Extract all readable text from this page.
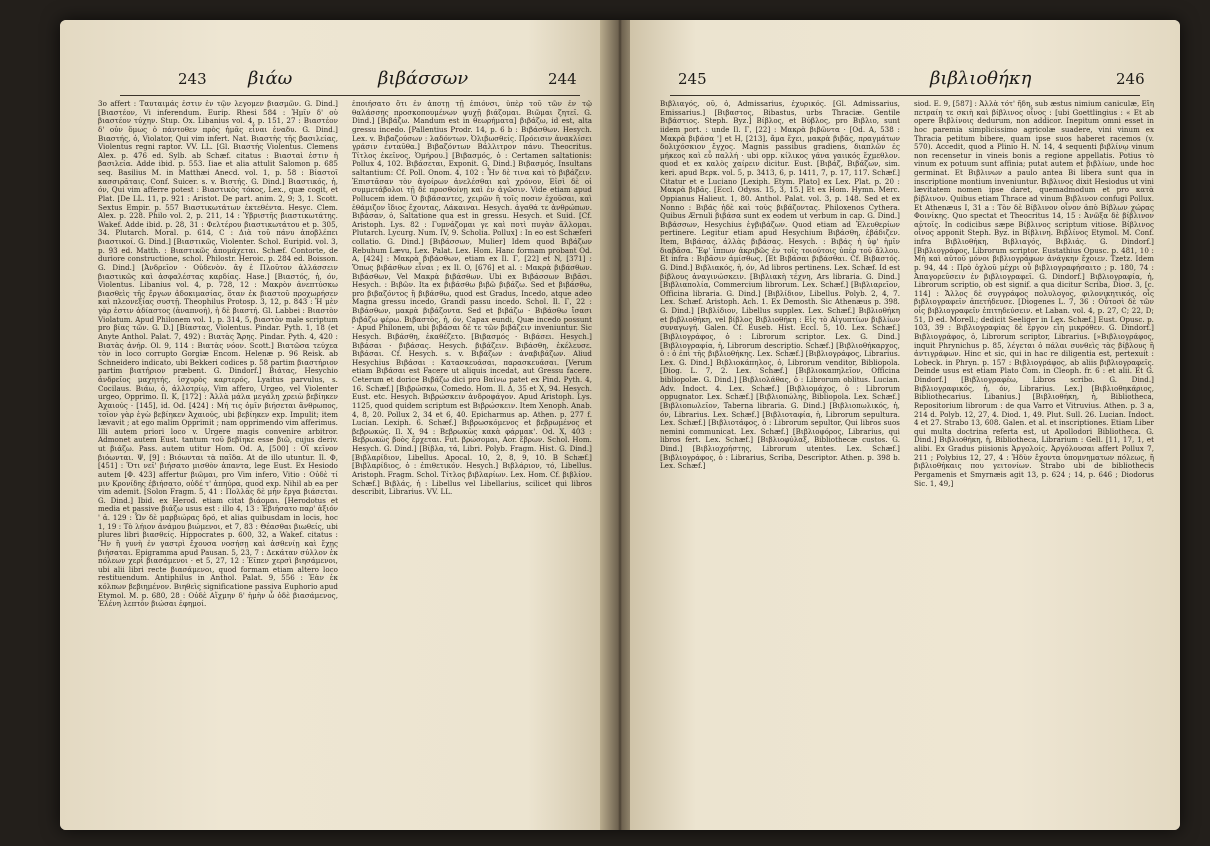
243 βιάω	βιβάσσων	244

3o affert : Ταυταιμάς ἐστιν ἐν τῷν λεγομεν βιασμῶν. G. Dind.] [Βιαστέον, Vi inferendum. Eurip. Rhesi 584 : Ἠμῖν δ' οὐ βιαστέον τύχην. Stup. Ox. Libanius vol. 4, p. 151, 27 : Βιαστέον δ' οὐν ὅμως ὁ πάντοθεν πρὸς ἡμᾶς εἶναι ἐναδυ. G. Dind.] Βιαστής, ὁ, Violator, Qui vim infert. Nat. Βιαστὴς τῆς βασιλείας, Violentus regni raptor. VV. LL. [Gl. Βιαστής Violentus. Clemens Alex. p. 476 ed. Sylb. ab Schæf. citatus : Βιασταὶ ἐστιν ἡ βασιλεία. Adde ibid. p. 553. Iiae et alia attulit Salomon p. 685 seq. Basilius M. in Matthæi Anecd. vol. 1, p. 58 : Βίαστοῖ κασσιρᾶταις. Conf. Suicer. s. v. Βιστής. G. Dind.] Βιαστικός, ἡ, όν, Qui vim afferre potest : Βιαστικὸς τόκος, Lex., quæ cogit, et Plat. [De LL. 11, p. 921 : Aristot. De part. anim. 2, 9; 3, 1. Scott. Sextus Empir. p. 557 Βιαστικωτάτων ἐκτεθέντα. Hesyc. Clem. Alex. p. 228. Philo vol. 2, p. 211, 14 : Ὑβριστῆς βιαστικωτάτης. Wakef. Adde ibid. p. 28, 31 : Φελτέρου βιαστικωτάτου et p. 305, 34. Plutarch. Moral. p. 614, C : Διὰ τοῦ πάνυ ἀποβλέπει βιαστικοί. G. Dind.] [Βιαστικῶς, Violenter. Schol. Euripid. vol. 3, p. 93 ed. Matth. : Βιαστικῶς ἀπομάχεται. Schæf. Contorte, de duriore constructione, schol. Philostr. Heroic. p. 284 ed. Boisson. G. Dind.] [Ἀνδρεῖον · Οὐδενὸν. ἄγ ἐ Πλοῦτον ἀλλάσσειν βιαστικῶς καὶ ἀσφαλέστας καρδίας. Hase.] [Βιαστός, ἡ, όν, Violentus. Libanius vol. 4, p. 728, 12 : Μακρὸν ἀνεπτύσκω βιασθεὶς τῆς ἔργων ἀδοκιμασίας, ὅταν ἐκ βιαστοῦ προχωρήσεν καὶ πλεονεξίας συστῇ. Theophilus Protosp. 3, 12, p. 843 : Ἡ μὲν γὰρ ἐστιν ἀδίαστος (ἀναπνοή), ἡ δὲ βιαστή. Gl. Labbei : Βιαστὸν Violatum. Apud Philonem vol. 1, p. 314, 5, βιαστὸν male scriptum pro βίας τῶν. G. D.] [Βίαστας, Violentus. Pindar. Pyth. 1, 18 (et Anyte Anthol. Palat. 7, 492) : Βιατὰς Ἄρης. Pindar. Pyth. 4, 420 : Βιατὰς ἀνήρ. Ol. 9, 114 : Βιατὰς νόον. Scott.] Bιατῶσα τεύχεα τὸν in loco corrupto Gorgiæ Encom. Helenæ p. 96 Reisk. ab Schneidero indicato, ubi Bekkeri codices p. 58 partim βιαστήριον partim βιατήριον præbent. G. Dindorf.] Βιάτας, Hesychio ἀνδρεῖος μαχητής, ἰσχυρὸς καρτερός, Lyaitus parvulus, s. Cocilaus. Βιάω, ὁ, ἀλλοτρίῳ, Vim affero, Urgeo, vel Violenter urgeo, Opprimo. Il. K, [172] : Ἀλλὰ μάλα μεγάλη χρειὼ βεβίηκεν Ἀχαιούς · [145], id. Od. [424] : Μή τις ὁμῖν βιήσεται ἄνθρωπος, τοῖον γὰρ ἐγὼ βεβίηκεν Ἀχαιούς, ubi βεβίηκεν exp. Impulit; item lævavit ; at ego malim Opprimit ; nam opprimendo vim afferimus. Illi autem priori loco v. Urgere magis convenire arbitror. Admonet autem Eust. tantum τοῦ βεβίηκε esse βιῶ, cujus deriv. ut βιάζω. Pass. autem utitur Hom. Od. A, [500] : Οἵ κεῖνον βιόωνται. Ψ, [9] : Βιόωνται τὰ παῖδα. At de illo utuntur. Il. Φ, [451] : Ὅτι νεῖ' βιήσατο μισθὸν ἀπαντα, lege Eust. Ex Hesiodo autem [Φ. 423] affertur βιῶμαι, pro Vim infero, Vitio : Οὐδὲ τί μιν Κρονίδης ἐβιήσατο, οὐδέ τ' ἀπηύρα, quod exp. Nihil ab ea per vim ademit. [Solon Fragm. 5, 41 : Πολλὰς δὲ μὴν ἔργα βιάσεται. G. Dind.] Ibid. ex Herod. etiam citat βιάομαι. [Herodotus et media et passive βιάζω usus est : illo 4, 13 : Ἐβιήσατο παρ' ἀξιόν ' ἀ. 129 : Ὧν δὲ μαρβιώρας δρό, et alias quibusdam in locis, hoc 1, 19 : Τὸ λήιον ἀνάμου βιώμενοι, et 7, 83 : Θέασθαι βιωθείς, ubi plures libri βιασθείς. Hippocrates p. 600, 32, a Wakef. citatus : Ἢν ἢ γυνὴ ἐν γαστρὶ ἔχουσα νοσήσῃ καὶ ἀσθενίῃ καὶ ἔχῃς βιήσαται. Epigramma apud Pausan. 5, 23, 7 : Δεκάταν σύλλον ἐκ πόλεων χερὶ βιασάμενοι · et 5, 27, 12 : Ἐῖπεν χερσὶ βιησάμενοι, ubi alii libri recte βιασάμενοι, quod formam etiam altero loco restituendum. Antiphilus in Anthol. Palat. 9, 556 : Ἐὰν ἐκ κόλπων βεβιημένον. Βιηθεὶς significatione passiva Euphorio apud Etymol. M. p. 680, 28 : Οὐδὲ Αἴχμην δ' ἡμὴν ὦ ὁδὲ βιασάμενος, Ἐλένη λεπτὸν βιώσαι ἐφημοί.

ἐποιήσατο ὅτι ἐν ἀποτῃ τῇ ἐπιόνσι, ὑπὲρ τοῦ τῶν ἐν τῷ θαλάσσης προσκοπουμένων ψυχῇ βιάζομαι. Βιῶμαι ζητεῖ. G. Dind.] [Βιβάζω. Mandum est in θεωρήματα] βιβάζω, id est, alta gressu incedo. [Pallentius Prodr. 14, p. 6 b : Βιβάσθων. Hesych. Lex. v. Βιβαζούσων : λαδόντων. Ὀλιβωσθείς. Πρόεισιν ἀνακλίσει γράσιν ἐνταῦθα.] Βιβαζόντων Βάλλιτρον πάνυ. Theocritus. Τίτλος ἐκεῖνος, Ὁμήρου.] [Βιβασμός, ὁ : Certamen saltationis: Pollux 4, 102. Βιβάσεται, Exponit. G. Dind.] Βιβασμός, Insultans saltantium: Cf. Poll. Onom. 4, 102 : Ἧν δὲ τινα καὶ τὸ βιβάζειν. Ἐπιστᾶσαν τὸν ἀγοίρων ἀνελέσθαι καὶ χρόνον, Εἰσὶ δὲ οἱ συμμετάβολοι τῇ δὲ προσθοίνῃ καὶ ἐν ἀγῶσιν. Vide etiam apud Pollucem idem. Ὁ βιβάσαντες, χειρῶν ἢ τοῖς ποσιν ἐχοῦσαι, καὶ ἐθάμιζον ἴδιος ἔχοντας, Λάκαιναι. Hesych. ἀγαθά τε ἀνθρώπων. Βιβάσαν, ὁ, Saltatione qua est in gressu. Hesych. et Suid. [Cf. Aristoph. Lys. 82 : Γυμνάζομαι γε καὶ ποτὶ πυγὰν ἄλλομαι. Plutarch. Lycurg. Num. IV, 9. Scholia. Pollux] : In eo est Schæferi collatio. G. Dind.] [Βιβάσσων, Mulier] Idem quod Βιβάζων Rebuhum Lævu, Lex. Palat. Lex. Hom. Hanc formam probant Od. A, [424] : Μακρὰ βιβάσθων, etiam ex Il. Γ, [22] et N, [371] : Ὅπως βιβάσθων εἶναι ; ex Il. O, [676] et al. : Μακρὰ βιβάσθων. Βιβάσθων, Vel Μακρὰ βιβάσθων. Ubi ex Βιβάσσων Βιβᾶσι. Hesych. : Βιβῶν. Ita ex βιβάσθω βιβῶ βιβάζω. Sed et βιβάσθω, pro βιβαζόντος ἢ βιβάσθω, quod est Gradus, Incedo, atque adeo Magna gressu incedo, Grandi passu incedo. Schol. Il. Γ, 22 : Βιβάσθων, μακρὰ βιβάζοντα. Sed et βιβάζω · Βιβάσθω ἴσασι βιβάζω φέρω. Βιβαστὸς, ἡ, όν, Capax eundi, Quæ incedo possunt · Apud Philonem, ubi βιβάσαι δέ τε τῶν βιβάζειν inveniuntur. Sic Hesych. Βιβάσθη, ἐκαθέζετο. [Βιβασμός · Βιβάσει. Hesych.] Βιβάσαι · βιβάσας. Hesych. βιβάζειν. Βιβάσθη, ἐκέλευσε. Βιβάσαι. Cf. Hesych. s. v. Βιβάζων : ἀναβιβάζων. Aliud Hesychius Βιβάσαι : Κατασκευάσαι, παρασκευάσαι. [Verum etiam Βιβάσαι est Facere ut aliquis incedat, aut Gressu facere. Ceterum et dorice Βιβάζω dici pro Βαίνω patet ex Pind. Pyth. 4, 16. Schæf.] [Βιβρώσκω, Comedo. Hom. Il. Δ, 35 et X, 94. Hesych. Eust. etc. Hesych. Βιβρώσκειν ἀνδροφάγον. Apud Aristoph. Lys. 1125, quod quidem scriptum est Βιβρώσκειν. Item Xenoph. Anab. 4, 8, 20. Pollux 2, 34 et 6, 40. Epicharmus ap. Athen. p. 277 f. Lucian. Lexiph. 6. Schæf.] Βιβρωσκόμενος et βεβρωμένος et βεβρωκώς. Il. X, 94 : Βεβρωκὼς κακὰ φάρμακ'. Od. X, 403 : Βεβρωκὼς βοὸς ἔρχεται. Fut. βρώσομαι, Aor. ἔβρων. Schol. Hom. Hesych. G. Dind.] [Βίβλα, τά, Libri. Polyb. Fragm. Hist. G. Dind.] [Βιβλαρίδιον, Libellus. Apocal. 10, 2, 8, 9, 10. B Schæf.] [Βιβλαρίδιος, ὁ : ἐπιθετικόν. Hesych.] Βιβλάριον, τό, Libellus. Aristoph. Fragm. Schol. Τίτλος βιβλαρίων. Lex. Hom. Cf. βιβλίον. Schæf.] Βιβλάς, ἡ : Libellus vel Libellarius, scilicet qui libros describit, Librarius. VV. LL.

245	βιβλιοθήκη	246

Βιβλιαγός, οῦ, ὁ, Admissarius, ἐχυρικός. [Gl. Admissarius, Emissarius.] [Βιβαστος, Bibastus, urbs Thraciæ. Gentile Βιβάστιος. Steph. Byz.] Βίβλος, et Βύβλος, prο Βιβλιο, sunt iidem port. : unde Il. Γ, [22] : Μακρὰ βιβῶντα · [Od. A, 538 : Μακρὰ βιβάσα '] et H, [213], ἄμα ἔχει, μακρὰ βιβᾶς, πραγμάτων δολιχόσκιον ἔγχος. Magnis passibus gradiens, διαπλῶν ἐς μήκεος καὶ εὖ παλλή · ubi opp. κίλικος γάνα γαιικός ἔχμεθλον. quod et ex καλὸς χαίρειν dicitur. Eust. [Βιβάζ, Βιβάζων, sim. keri. apud Βερκ. vol. 5, p. 3413, 6, p. 1411, 7, p. 17, 117. Schæf.] Citatur et e Luciano [Lexiph. Etym. Plato] ex Lex. Plat. p. 20 : Μακρὰ βιβᾶς. [Eccl. Odyss. 15, 3, 15.] Et ex Hom. Hymn. Merc. Oppianus Halieut. 1, 80. Anthol. Palat. vol. 3, p. 148. Sed et ex Nonno : Βιβάς ἠδὲ καὶ τοὺς βιβάζοντας. Philoxenos Cythera. Quibus Ærnuli βιβάσα sunt ex eodem ut verbum in cap. G. Dind.] Βιβάσσων, Hesychius ἐγβιβάζων. Quod etiam ad Ἐλευθερίων pertinere. Legitur etiam apud Hesychium Βιβάσθη, ἐβάδιζεν. Item, Βιβάσας, ἀλλὰς βιβάσας. Hesych. : Βιβάς ἡ ὑφ' ἡμῖν διαβᾶσα. Ἔφ' ἵππων ἀκριβῶς ἐν τοῖς τοιούτοις ὑπὲρ τοῦ ἄλλου. Et infra : Βιβᾶσιν ἀμίσθως. [Et Βιβάσαι βιβάσθαι. Cf. Βιβαστός. G. Dind.] Βιβλιακός, ἡ, όν, Ad libros pertinens. Lex. Schæf. Id est βίβλους ἀναγινώσκειν. [Βιβλιακὴ τέχνη, Ars libraria. G. Dind.] [Βιβλιαπολία, Commercium librorum. Lex. Schæf.] [Βιβλιαρεῖον, Officina libraria. G. Dind.] [Βιβλίδιον, Libellus. Polyb. 2, 4, 7. Lex. Schæf. Aristoph. Ach. 1. Ex Demosth. Sic Athenæus p. 398. G. Dind.] [Βιβλίδιον, Libellus supplex. Lex. Schæf.] Βιβλιοθήκη et βιβλιοθήκη, vel βίβλος Βιβλιοθήκη : Εἰς τὸ Αἰγυπτίων βιβλίων συναγωγή. Galen. Cf. Euseb. Hist. Eccl. 5, 10. Lex. Schæf.] [Βιβλιογράφος, ὁ : Librorum scriptor. Lex. G. Dind.] [Βιβλιογραφία, ἡ, Librorum descriptio. Schæf.] [Βιβλιοθήκαρχος, ὁ : ὁ ἐπὶ τῆς βιβλιοθήκης. Lex. Schæf.] [Βιβλιογράφος, Librarius. Lex. G. Dind.] Βιβλιοκάπηλος, ὁ, Librorum venditor, Bibliopola. [Diog. L. 7, 2. Lex. Schæf.] [Βιβλιοκαπηλεῖον, Officina bibliopolæ. G. Dind.] [Βιβλιολάθας, ὁ : Librorum oblitus. Lucian. Adv. Indoct. 4. Lex. Schæf.] [Βιβλιομάχος, ὁ : Librorum oppugnator. Lex. Schæf.] [Βιβλιοπώλης, Bibliopola. Lex. Schæf.] [Βιβλιοπωλεῖον, Taberna libraria. G. Dind.] [Βιβλιοπωλικός, ἡ, όν, Librarius. Lex. Schæf.] [Βιβλιοταφία, ἡ, Librorum sepultura. Lex. Schæf.] [Βιβλιοτάφος, ὁ : Librorum sepultor, Qui libros suos nemini communicat. Lex. Schæf.] [Βιβλιοφόρος, Librarius, qui libros fert. Lex. Schæf.] [Βιβλιοφύλαξ, Bibliothecæ custos. G. Dind.] [Βιβλιοχρήστης, Librorum utentes. Lex. Schæf.] [Βιβλιογράφος, ὁ : Librarius, Scriba, Descriptor. Athen. p. 398 b. Lex. Schæf.]

siod. E. 9, [587] : Ἀλλὰ τότ' ἤδη, sub æstus nimium caniculæ, Εἴη πετραίη τε σκιὴ καὶ βίβλινος οἶνος : [ubi Goettlingius : « Et ab opere Βιβλίνοις dedurum, non addicor. Inepitum omni esset in hoc paremia simplicissimo agricolæ suadere, vini vinum ex Thracia petitum bibere, quam ipse suos haberet racemos (v. 570). Accedit, quod a Plinio H. N. 14, 4 sequenti βιβλίνῳ vinum non recensetur in vineis bonis a regione appellatis. Potius τὸ vinum ex potuum sunt affinia; putat autem et βιβλίων, unde hoc germinat. Et Βιβλινων a paulo antea Bi libera sunt qua in inscriptione montium inveniuntur. Βιβλινος dixit Hesiodus ut vini lævitatem nomen ipse daret, quemadmodum et pro κατὰ βίβλινον. Quibus etiam Thrace ad vinum Βιβλινον confugi Pollux. Et Athenæus I, 31 a : Τὸν δὲ Βίβλινον οἶνον ἀπὸ Βίβλων χώρας Φοινίκης. Quo spectat et Theocritus 14, 15 : Ἀνῶξα δὲ βίβλινον αὐτοῖς. In codicibus sæpe Βίβλινος scriptum vitiose. Βίβλινος οἶνος apponit Steph. Byz. in Βίβλινη. Βιβλίνος Etymol. M. Conf. infra Βιβλιοθήκη, Βιβλιαγός, Βιβλιάς. G. Dindorf.] [Βιβλιογράφος, Librorum scriptor. Eustathius Opusc. p. 481, 10 : Μὴ καὶ αὐτοῦ μόνοι βιβλιογράφων ἀνάγκην ἔχοιεν. Tzetz. Idem p. 94, 44 : Πρὸ ὀχλοῦ μέχρι οὗ βιβλιογραφήσαιτο ; p. 180, 74 : Ἀπαγορεῦσειν ἐν βιβλιογραφεῖ. G. Dindorf.] Βιβλιογραφία, ἡ, Librorum scriptio, ob est signif. a qua dicitur Scriba, Dioσ. 3, [c. 114] : Ἄλλος δὲ συγγράφος πολυλογος, φιλονικητικός, οἷς βιβλιογραφεῖν ἀπετήδευσε. [Diogenes L. 7, 36 : Οὗτοσὶ δὲ τῶν οἷς βιβλιογραφεῖν ἐπιτηδεύσειν. et Laban. vol. 4, p. 27, C; 22, D; 51, D ed. Morell.; dedicit Seeliger in Lex. Schæf.] Eust. Opusc. p. 103, 39 : Βιβλιογραφίας δὲ ἔργον εἶη μικρόθεν. G. Dindorf.] Βιβλιογράφος, ὁ, Librorum scriptor, Librarius. [»Βιβλιογράφος, inquit Phrynichus p. 85, λέγεται ὁ πάλαι συνθεὶς τὰς βίβλους ἢ ἀντιγράφων. Hinc et sic, qui in hac re diligentia est, pertexuit : Lobeck. in Phryn. p. 157 : Βιβλιογράφος, ab aliis βιβλιογραφεῖς. Deinde usus est etiam Plato Com. in Cleoph. fr. 6 : et alii. Et G. Dindorf.] [Βιβλιογραφέω, Libros scribo. G. Dind.] Βιβλιογραφικός, ἡ, όν, Librarius. Lex.] [Βιβλιοθηκάριος, Bibliothecarius. Libanius.] [Βιβλιοθήκη, ἡ, Bibliotheca, Repositorium librorum : de qua Varro et Vitruvius. Athen. p. 3 a, 214 d. Polyb. 12, 27, 4. Diod. 1, 49. Plut. Sull. 26. Lucian. Indoct. 4 et 27. Strabo 13, 608. Galen. et al. et inscriptiones. Etiam Liber qui multa doctrina referta est, ut Apollodori Bibliotheca. G. Dind.] Βιβλιοθήκη, ἡ, Bibliotheca, Librarium : Gell. [11, 17, 1, et alibi. Ex Gradus piisionis Ἀργολοίς. Ἀργόλουσαι affert Pollux 7, 211 ; Polybius 12, 27, 4 : Ἡδὺν ἔχοντα ὑπομνηματων πόλεως, ἢ βιβλιοθήκαις που γειτονίων. Strabo ubi de bibliothecis Pergamenis et Smyrnæis agit 13, p. 624 ; 14, p. 646 ; Diodorus Sic. 1, 49,]
